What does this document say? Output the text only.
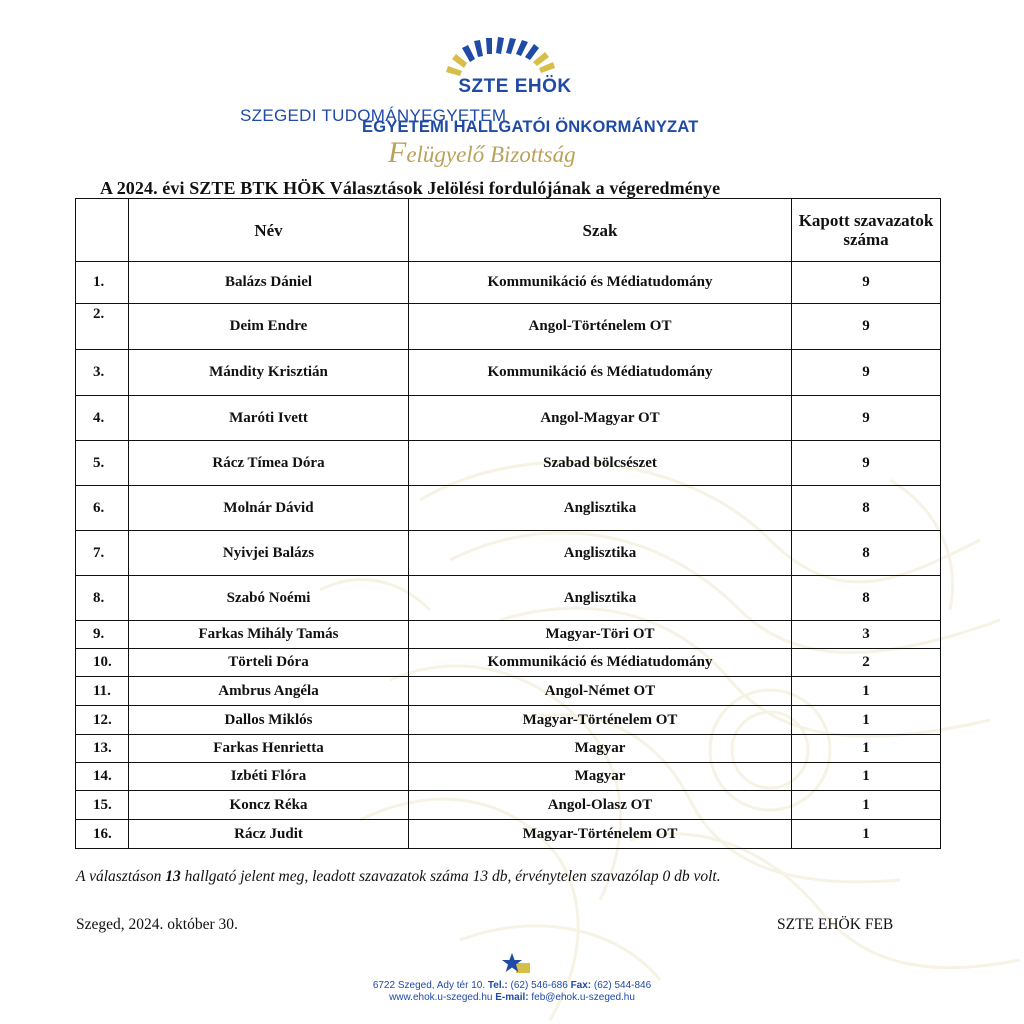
SZTE EHÖK
SZEGEDI TUDOMÁNYEGYETEM
EGYETEMI HALLGATÓI ÖNKORMÁNYZAT
Felügyelő Bizottság
A 2024. évi SZTE BTK HÖK Választások Jelölési fordulójának a végeredménye
	Név	Szak	Kapott szavazatok száma
1.	Balázs Dániel	Kommunikáció és Médiatudomány	9
2.	Deim Endre	Angol-Történelem OT	9
3.	Mándity Krisztián	Kommunikáció és Médiatudomány	9
4.	Maróti Ivett	Angol-Magyar OT	9
5.	Rácz Tímea Dóra	Szabad bölcsészet	9
6.	Molnár Dávid	Anglisztika	8
7.	Nyivjei Balázs	Anglisztika	8
8.	Szabó Noémi	Anglisztika	8
9.	Farkas Mihály Tamás	Magyar-Töri OT	3
10.	Törteli Dóra	Kommunikáció és Médiatudomány	2
11.	Ambrus Angéla	Angol-Német OT	1
12.	Dallos Miklós	Magyar-Történelem OT	1
13.	Farkas Henrietta	Magyar	1
14.	Izbéti Flóra	Magyar	1
15.	Koncz Réka	Angol-Olasz OT	1
16.	Rácz Judit	Magyar-Történelem OT	1
A választáson 13 hallgató jelent meg, leadott szavazatok száma 13 db, érvénytelen szavazólap 0 db volt.
Szeged, 2024. október 30.	SZTE EHÖK FEB
6722 Szeged, Ady tér 10. Tel.: (62) 546-686 Fax: (62) 544-846
www.ehok.u-szeged.hu E-mail: feb@ehok.u-szeged.hu
